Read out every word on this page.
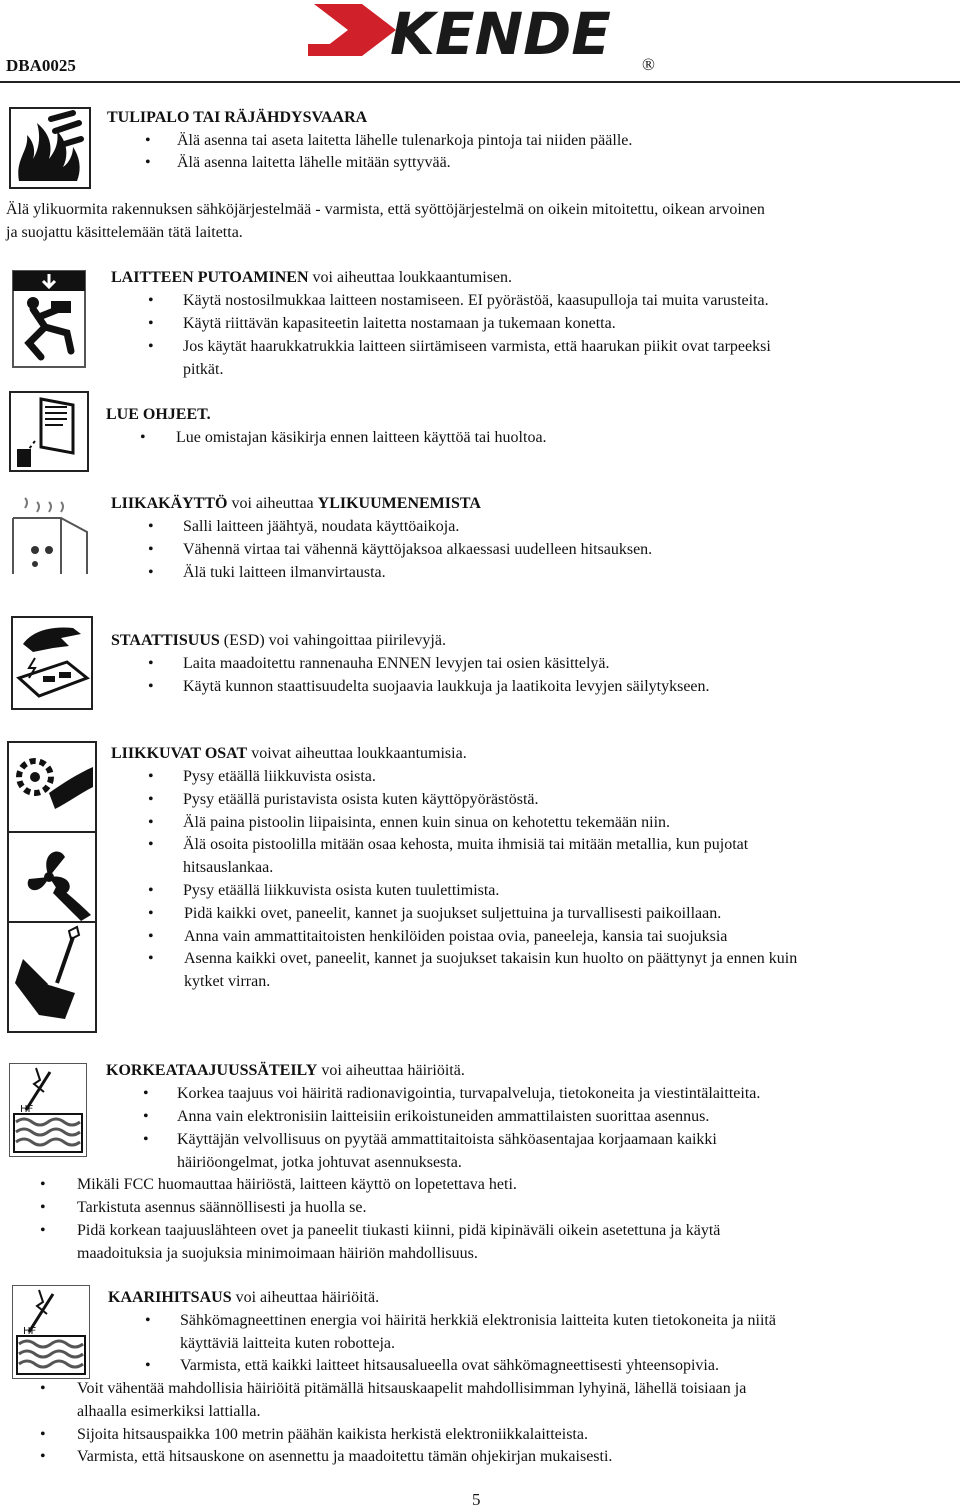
DBA0025	KENDE ®
TULIPALO TAI RÄJÄHDYSVAARA
• Älä asenna tai aseta laitetta lähelle tulenarkoja pintoja tai niiden päälle.
• Älä asenna laitetta lähelle mitään syttyvää.
Älä ylikuormita rakennuksen sähköjärjestelmää - varmista, että syöttöjärjestelmä on oikein mitoitettu, oikean arvoinen
ja suojattu käsittelemään tätä laitetta.
LAITTEEN PUTOAMINEN voi aiheuttaa loukkaantumisen.
• Käytä nostosilmukkaa laitteen nostamiseen. EI pyörästöä, kaasupulloja tai muita varusteita.
• Käytä riittävän kapasiteetin laitetta nostamaan ja tukemaan konetta.
• Jos käytät haarukkatrukkia laitteen siirtämiseen varmista, että haarukan piikit ovat tarpeeksi
pitkät.
LUE OHJEET.
• Lue omistajan käsikirja ennen laitteen käyttöä tai huoltoa.
LIIKAKÄYTTÖ voi aiheuttaa YLIKUUMENEMISTA
• Salli laitteen jäähtyä, noudata käyttöaikoja.
• Vähennä virtaa tai vähennä käyttöjaksoa alkaessasi uudelleen hitsauksen.
• Älä tuki laitteen ilmanvirtausta.
STAATTISUUS (ESD) voi vahingoittaa piirilevyjä.
• Laita maadoitettu rannenauha ENNEN levyjen tai osien käsittelyä.
• Käytä kunnon staattisuudelta suojaavia laukkuja ja laatikoita levyjen säilytykseen.
LIIKKUVAT OSAT voivat aiheuttaa loukkaantumisia.
• Pysy etäällä liikkuvista osista.
• Pysy etäällä puristavista osista kuten käyttöpyörästöstä.
• Älä paina pistoolin liipaisinta, ennen kuin sinua on kehotettu tekemään niin.
• Älä osoita pistoolilla mitään osaa kehosta, muita ihmisiä tai mitään metallia, kun pujotat
hitsauslankaa.
• Pysy etäällä liikkuvista osista kuten tuulettimista.
• Pidä kaikki ovet, paneelit, kannet ja suojukset suljettuina ja turvallisesti paikoillaan.
• Anna vain ammattitaitoisten henkilöiden poistaa ovia, paneeleja, kansia tai suojuksia
• Asenna kaikki ovet, paneelit, kannet ja suojukset takaisin kun huolto on päättynyt ja ennen kuin
kytket virran.
HF
KORKEATAAJUUSSÄTEILY voi aiheuttaa häiriöitä.
• Korkea taajuus voi häiritä radionavigointia, turvapalveluja, tietokoneita ja viestintälaitteita.
• Anna vain elektronisiin laitteisiin erikoistuneiden ammattilaisten suorittaa asennus.
• Käyttäjän velvollisuus on pyytää ammattitaitoista sähköasentajaa korjaamaan kaikki
häiriöongelmat, jotka johtuvat asennuksesta.
• Mikäli FCC huomauttaa häiriöstä, laitteen käyttö on lopetettava heti.
• Tarkistuta asennus säännöllisesti ja huolla se.
• Pidä korkean taajuuslähteen ovet ja paneelit tiukasti kiinni, pidä kipinäväli oikein asetettuna ja käytä
maadoituksia ja suojuksia minimoimaan häiriön mahdollisuus.
HF
KAARIHITSAUS voi aiheuttaa häiriöitä.
• Sähkömagneettinen energia voi häiritä herkkiä elektronisia laitteita kuten tietokoneita ja niitä
käyttäviä laitteita kuten robotteja.
• Varmista, että kaikki laitteet hitsausalueella ovat sähkömagneettisesti yhteensopivia.
• Voit vähentää mahdollisia häiriöitä pitämällä hitsauskaapelit mahdollisimman lyhyinä, lähellä toisiaan ja
alhaalla esimerkiksi lattialla.
• Sijoita hitsauspaikka 100 metrin päähän kaikista herkistä elektroniikkalaitteista.
• Varmista, että hitsauskone on asennettu ja maadoitettu tämän ohjekirjan mukaisesti.
5
